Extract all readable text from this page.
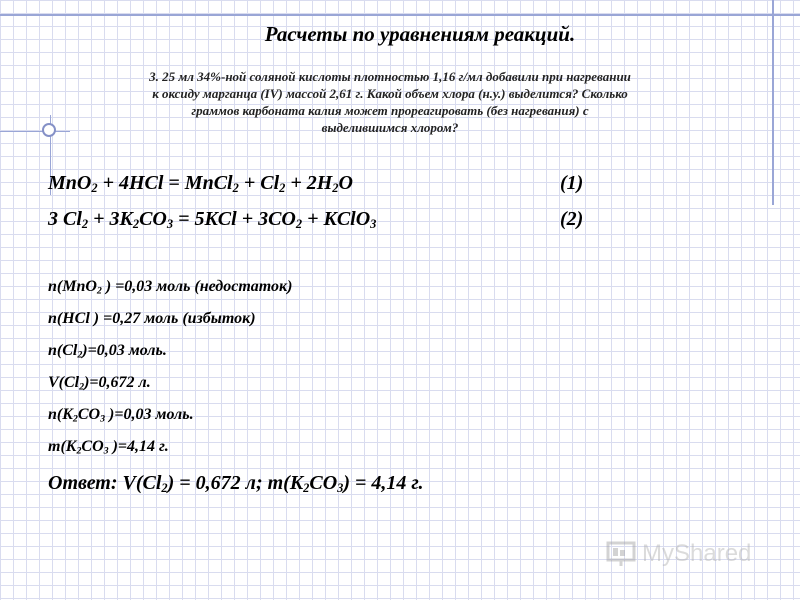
Расчеты по уравнениям реакций.
3. 25 мл 34%-ной соляной кислоты плотностью 1,16 г/мл добавили при нагревании
к оксиду марганца (IV) массой 2,61 г. Какой объем хлора (н.у.) выделится? Сколько
граммов карбоната калия может прореагировать (без нагревания) с
выделившимся хлором?
MnO$_2$ + 4HCl = MnCl$_2$ + $Cl_2 + 2H_2O$	(1)
3 $Cl_2 + 3K_2CO_3 = 5KCl + 3CO_2$ + KClO$_3$	(2)
n(MnO$_2$ ) =0,03 моль (недостаток)
n(HCl ) =0,27 моль (избыток)
$n(Cl_2)=0,03$ моль.
$V(Cl_2)=0,672$ л.
$n(K_2CO_3$ )=0,03 моль.
$m(K_2CO_3$ )=4,14 г.
Ответ: $V(Cl_2) = 0,672$ л; $m(K_2CO_3) = 4,14$ г.
MyShared
